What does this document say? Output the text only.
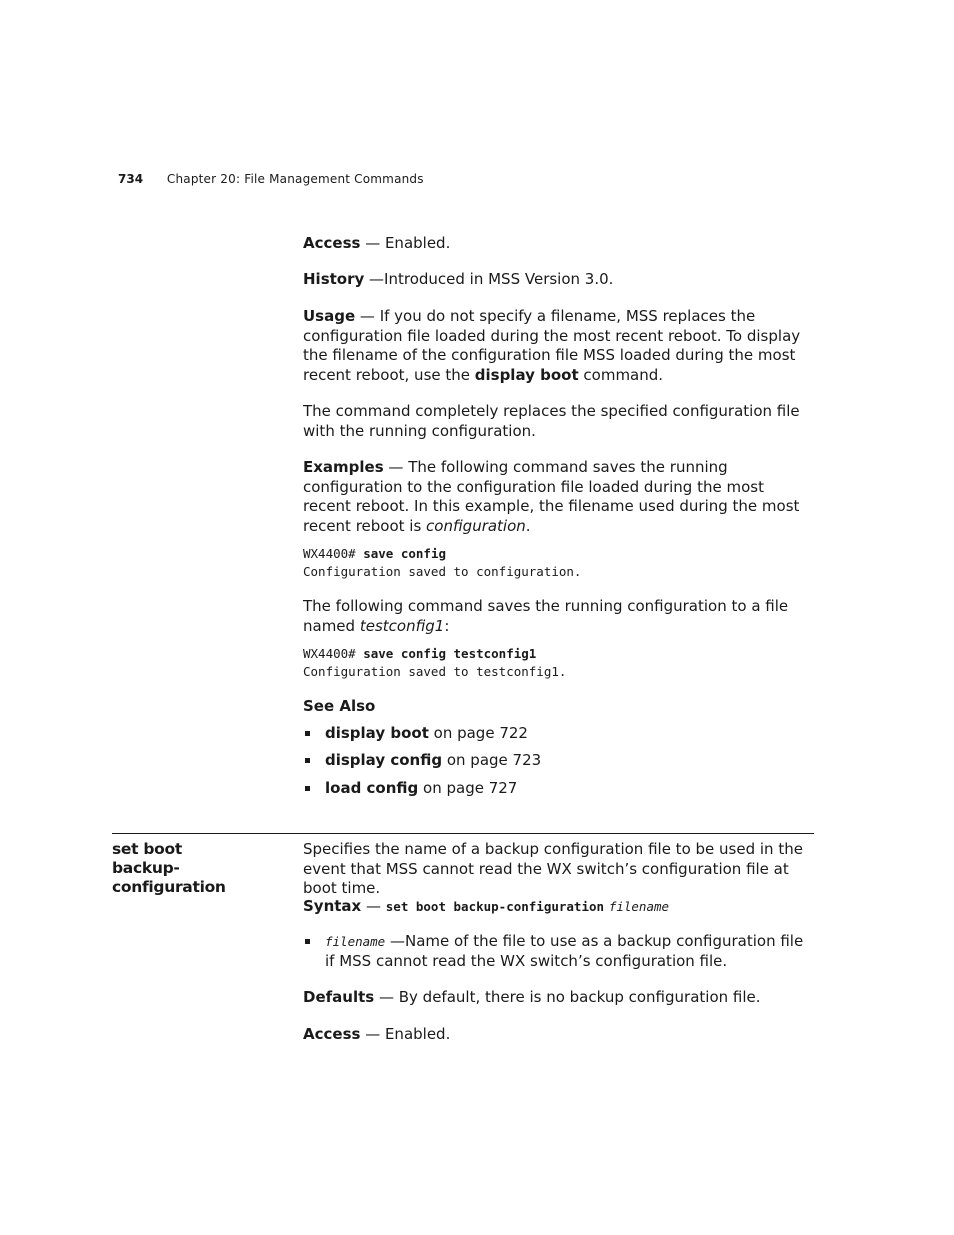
734 Chapter 20: File Management Commands

Access — Enabled.

History —Introduced in MSS Version 3.0.

Usage — If you do not specify a filename, MSS replaces the configuration file loaded during the most recent reboot. To display the filename of the configuration file MSS loaded during the most recent reboot, use the display boot command.

The command completely replaces the specified configuration file with the running configuration.

Examples — The following command saves the running configuration to the configuration file loaded during the most recent reboot. In this example, the filename used during the most recent reboot is configuration.

WX4400# save config
Configuration saved to configuration.

The following command saves the running configuration to a file named testconfig1:

WX4400# save config testconfig1
Configuration saved to testconfig1.

See Also

display boot on page 722
display config on page 723
load config on page 727
set boot
backup-configuration

Specifies the name of a backup configuration file to be used in the event that MSS cannot read the WX switch’s configuration file at boot time.

Syntax — set boot backup-configuration filename

filename —Name of the file to use as a backup configuration file if MSS cannot read the WX switch’s configuration file.

Defaults — By default, there is no backup configuration file.

Access — Enabled.
